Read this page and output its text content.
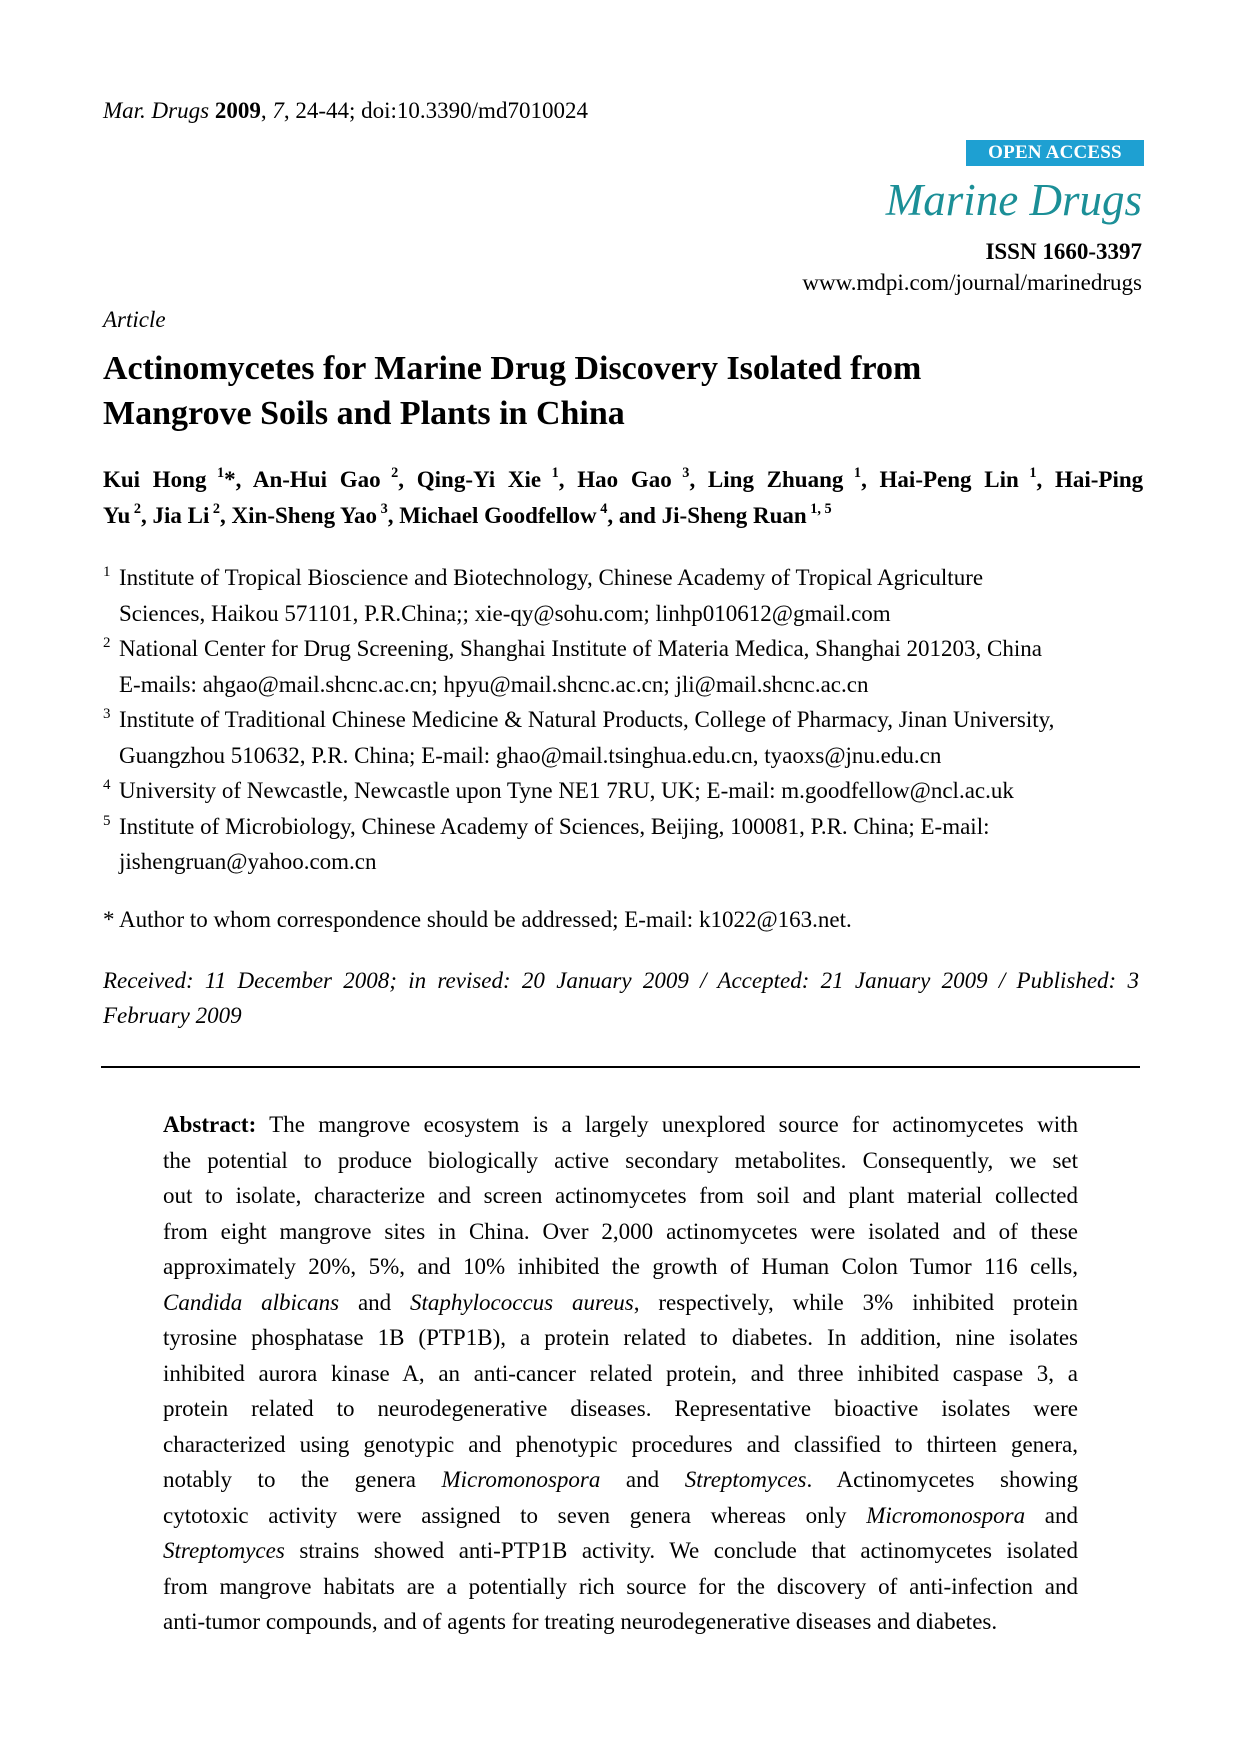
Mar. Drugs 2009, 7, 24-44; doi:10.3390/md7010024
OPEN ACCESS
Marine Drugs
ISSN 1660-3397
www.mdpi.com/journal/marinedrugs
Article
Actinomycetes for Marine Drug Discovery Isolated from
Mangrove Soils and Plants in China
Kui Hong $^1$*, An-Hui Gao $^2$, Qing-Yi Xie $^1$, Hao Gao $^3$, Ling Zhuang $^1$, Hai-Peng Lin $^1$, Hai-Ping
Yu $^2$, Jia Li $^2$, Xin-Sheng Yao $^3$, Michael Goodfellow $^4$, and Ji-Sheng Ruan $^{1, 5}$
1 Institute of Tropical Bioscience and Biotechnology, Chinese Academy of Tropical Agriculture
Sciences, Haikou 571101, P.R.China;; xie-qy@sohu.com; linhp010612@gmail.com
2 National Center for Drug Screening, Shanghai Institute of Materia Medica, Shanghai 201203, China
E-mails: ahgao@mail.shcnc.ac.cn; hpyu@mail.shcnc.ac.cn; jli@mail.shcnc.ac.cn
3 Institute of Traditional Chinese Medicine & Natural Products, College of Pharmacy, Jinan University,
Guangzhou 510632, P.R. China; E-mail: ghao@mail.tsinghua.edu.cn, tyaoxs@jnu.edu.cn
4 University of Newcastle, Newcastle upon Tyne NE1 7RU, UK; E-mail: m.goodfellow@ncl.ac.uk
5 Institute of Microbiology, Chinese Academy of Sciences, Beijing, 100081, P.R. China; E-mail:
jishengruan@yahoo.com.cn
* Author to whom correspondence should be addressed; E-mail: k1022@163.net.
Received: 11 December 2008; in revised: 20 January 2009 / Accepted: 21 January 2009 / Published: 3
February 2009
Abstract: The mangrove ecosystem is a largely unexplored source for actinomycetes with
the potential to produce biologically active secondary metabolites. Consequently, we set
out to isolate, characterize and screen actinomycetes from soil and plant material collected
from eight mangrove sites in China. Over 2,000 actinomycetes were isolated and of these
approximately 20%, 5%, and 10% inhibited the growth of Human Colon Tumor 116 cells,
Candida albicans and Staphylococcus aureus, respectively, while 3% inhibited protein
tyrosine phosphatase 1B (PTP1B), a protein related to diabetes. In addition, nine isolates
inhibited aurora kinase A, an anti-cancer related protein, and three inhibited caspase 3, a
protein related to neurodegenerative diseases. Representative bioactive isolates were
characterized using genotypic and phenotypic procedures and classified to thirteen genera,
notably to the genera Micromonospora and Streptomyces. Actinomycetes showing
cytotoxic activity were assigned to seven genera whereas only Micromonospora and
Streptomyces strains showed anti-PTP1B activity. We conclude that actinomycetes isolated
from mangrove habitats are a potentially rich source for the discovery of anti-infection and
anti-tumor compounds, and of agents for treating neurodegenerative diseases and diabetes.
